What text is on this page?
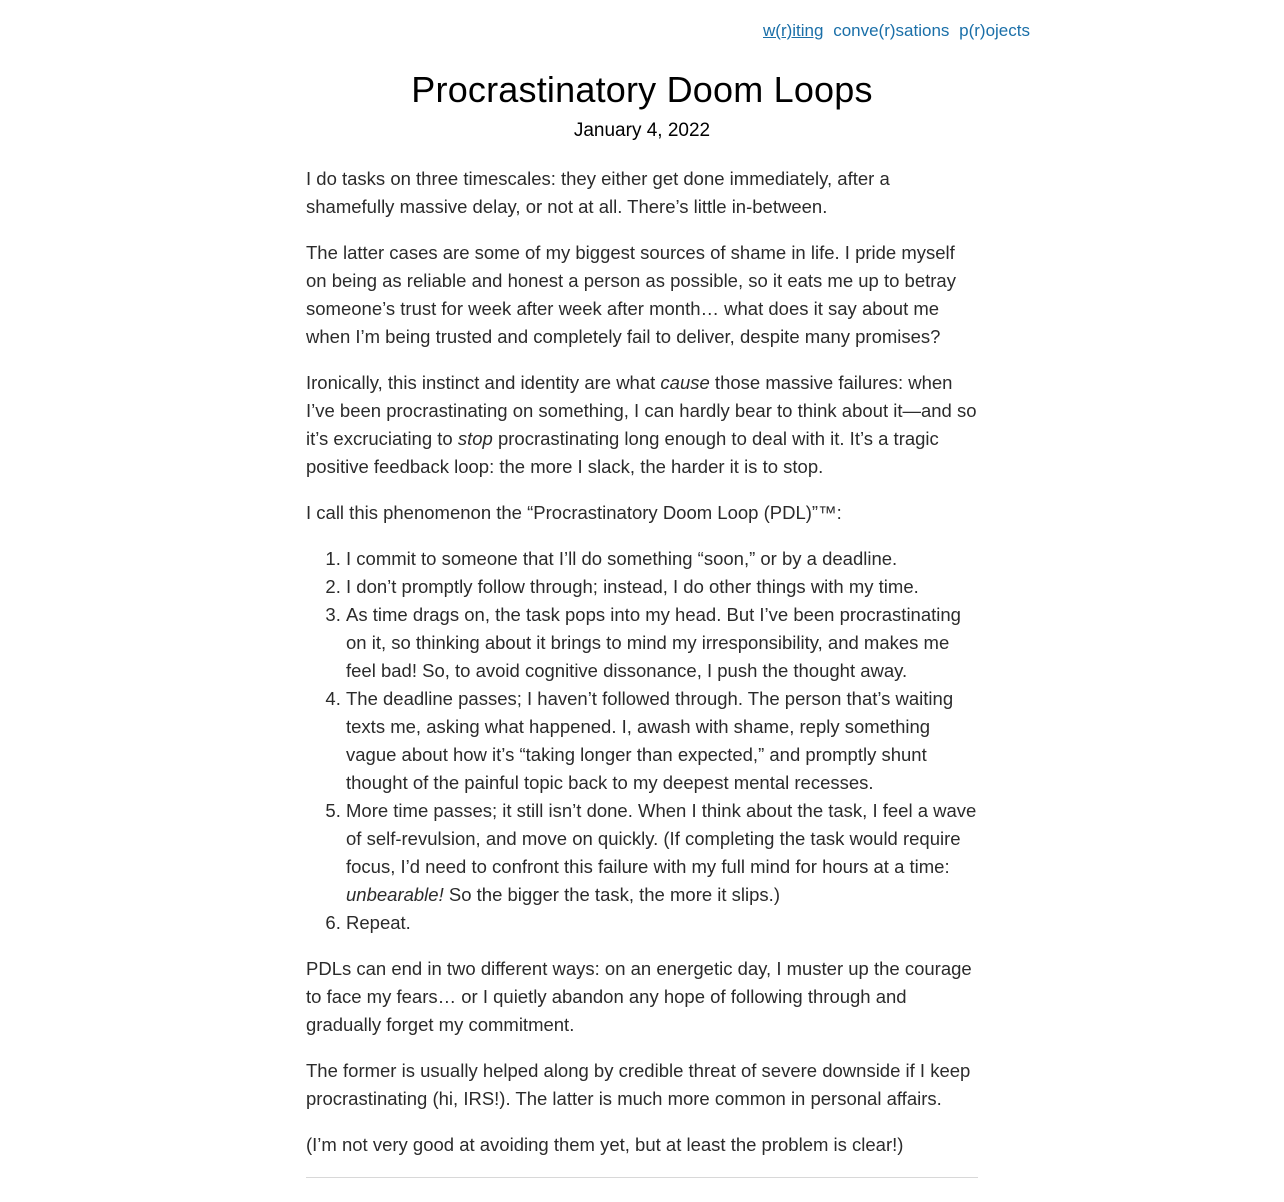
w(r)iting conve(r)sations p(r)ojects
Procrastinatory Doom Loops
January 4, 2022

I do tasks on three timescales: they either get done immediately, after a shamefully massive delay, or not at all. There’s little in-between.

The latter cases are some of my biggest sources of shame in life. I pride myself on being as reliable and honest a person as possible, so it eats me up to betray someone’s trust for week after week after month… what does it say about me when I’m being trusted and completely fail to deliver, despite many promises?

Ironically, this instinct and identity are what cause those massive failures: when I’ve been procrastinating on something, I can hardly bear to think about it—and so it’s excruciating to stop procrastinating long enough to deal with it. It’s a tragic positive feedback loop: the more I slack, the harder it is to stop.

I call this phenomenon the “Procrastinatory Doom Loop (PDL)”™:

1. I commit to someone that I’ll do something “soon,” or by a deadline.
2. I don’t promptly follow through; instead, I do other things with my time.
3. As time drags on, the task pops into my head. But I’ve been procrastinating on it, so thinking about it brings to mind my irresponsibility, and makes me feel bad! So, to avoid cognitive dissonance, I push the thought away.
4. The deadline passes; I haven’t followed through. The person that’s waiting texts me, asking what happened. I, awash with shame, reply something vague about how it’s “taking longer than expected,” and promptly shunt thought of the painful topic back to my deepest mental recesses.
5. More time passes; it still isn’t done. When I think about the task, I feel a wave of self-revulsion, and move on quickly. (If completing the task would require focus, I’d need to confront this failure with my full mind for hours at a time: unbearable! So the bigger the task, the more it slips.)
6. Repeat.

PDLs can end in two different ways: on an energetic day, I muster up the courage to face my fears… or I quietly abandon any hope of following through and gradually forget my commitment.

The former is usually helped along by credible threat of severe downside if I keep procrastinating (hi, IRS!). The latter is much more common in personal affairs.

(I’m not very good at avoiding them yet, but at least the problem is clear!)
